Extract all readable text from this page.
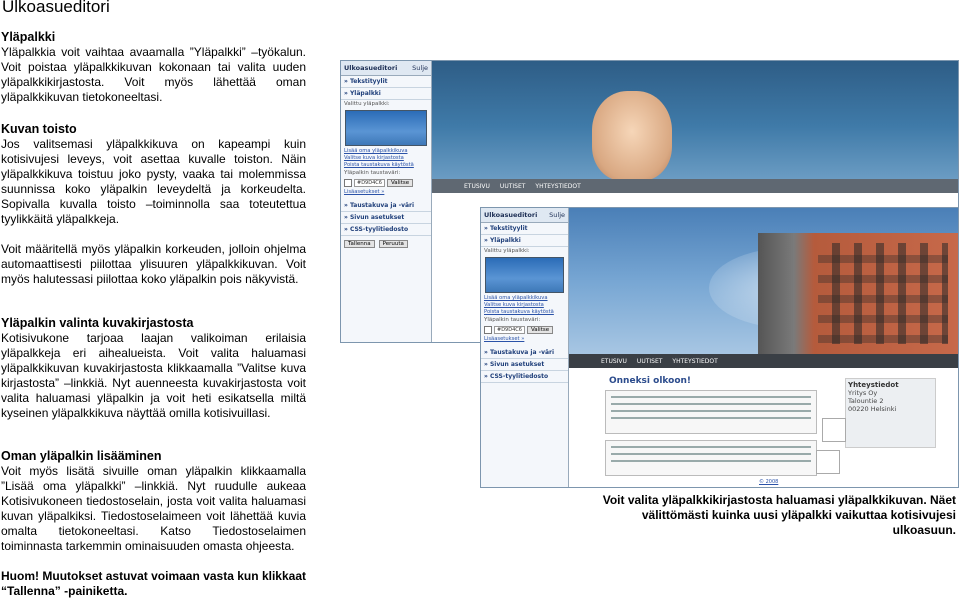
Ulkoasueditori
Yläpalkki

Yläpalkkia voit vaihtaa avaamalla ”Yläpalkki” –työkalun. Voit poistaa yläpalkkikuvan kokonaan tai valita uuden yläpalkkikirjastosta. Voit myös lähettää oman yläpalkkikuvan tietokoneeltasi.

Kuvan toisto

Jos valitsemasi yläpalkkikuva on kapeampi kuin kotisivujesi leveys, voit asettaa kuvalle toiston. Näin yläpalkkikuva toistuu joko pysty, vaaka tai molemmissa suunnissa koko yläpalkin leveydeltä ja korkeudelta. Sopivalla kuvalla toisto –toiminnolla saa toteutettua tyylikkäitä yläpalkkeja.

Voit määritellä myös yläpalkin korkeuden, jolloin ohjelma automaattisesti piilottaa ylisuuren yläpalkkikuvan. Voit myös halutessasi piilottaa koko yläpalkin pois näkyvistä.

Yläpalkin valinta kuvakirjastosta

Kotisivukone tarjoaa laajan valikoiman erilaisia yläpalkkeja eri aihealueista. Voit valita haluamasi yläpalkkikuvan kuvakirjastosta klikkaamalla ”Valitse kuva kirjastosta” –linkkiä. Nyt auenneesta kuvakirjastosta voit valita haluamasi yläpalkin ja voit heti esikatsella miltä kyseinen yläpalkkikuva näyttää omilla kotisivuillasi.

Oman yläpalkin lisääminen

Voit myös lisätä sivuille oman yläpalkin klikkaamalla ”Lisää oma yläpalkki” –linkkiä. Nyt ruudulle aukeaa Kotisivukoneen tiedostoselain, josta voit valita haluamasi kuvan yläpalkiksi. Tiedostoselaimeen voit lähettää kuvia omalta tietokoneeltasi. Katso Tiedostoselaimen toiminnasta tarkemmin ominaisuuden omasta ohjeesta.

Huom! Muutokset astuvat voimaan vasta kun klikkaat “Tallenna” -painiketta.

Ulkoasueditori Sulje
» Tekstityylit
» Yläpalkki
Valittu yläpalkki:
Lisää oma yläpalkkikuva
Valitse kuva kirjastosta
Poista taustakuva käytöstä
Yläpalkin taustaväri:
#D9D4C6	Valitse
Lisäasetukset »
» Taustakuva ja -väri
» Sivun asetukset
» CSS-tyylitiedosto
Tallenna	Peruuta
ETUSIVU UUTISET YHTEYSTIEDOT
Ulkoasueditori Sulje
» Tekstityylit
» Yläpalkki
Valittu yläpalkki:
Lisää oma yläpalkkikuva
Valitse kuva kirjastosta
Poista taustakuva käytöstä
Yläpalkin taustaväri:
#D9D4C6	Valitse
Lisäasetukset »
» Taustakuva ja -väri
» Sivun asetukset
» CSS-tyylitiedosto
ETUSIVU UUTISET YHTEYSTIEDOT
Onneksi olkoon!	Yhteystiedot
Yritys Oy
Talountie 2
00220 Helsinki
© 2008

Voit valita yläpalkkikirjastosta haluamasi yläpalkkikuvan. Näet välittömästi kuinka uusi yläpalkki vaikuttaa kotisivujesi ulkoasuun.
